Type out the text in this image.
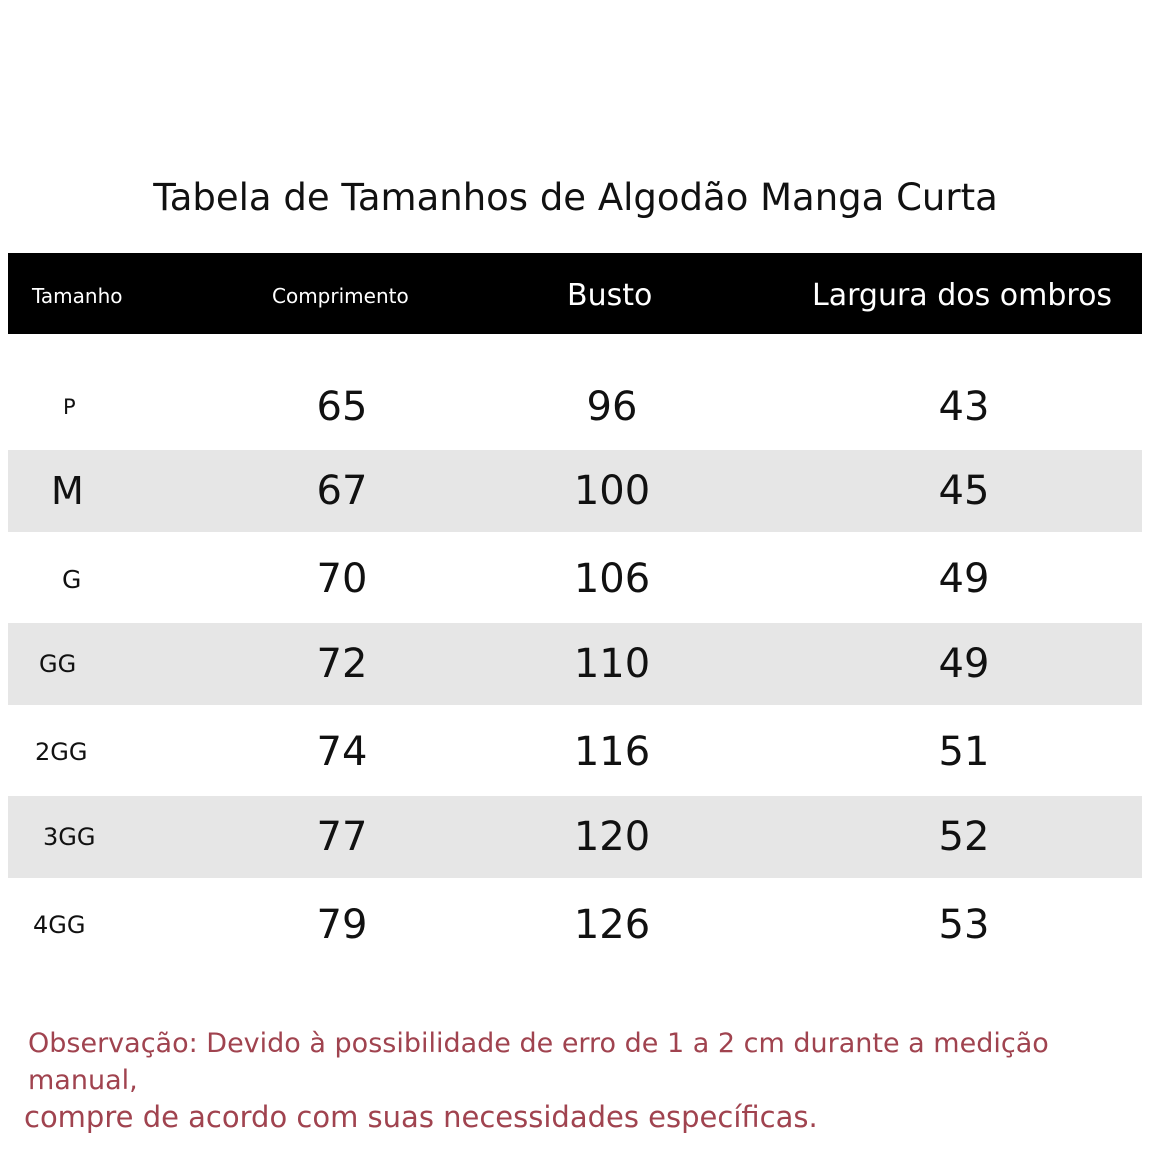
Tabela de Tamanhos de Algodão Manga Curta
Tamanho	Comprimento	Busto	Largura dos ombros
P	65	96	43
M	67	100	45
G	70	106	49
GG	72	110	49
2GG	74	116	51
3GG	77	120	52
4GG	79	126	53
Observação: Devido à possibilidade de erro de 1 a 2 cm durante a medição manual,
compre de acordo com suas necessidades específicas.
